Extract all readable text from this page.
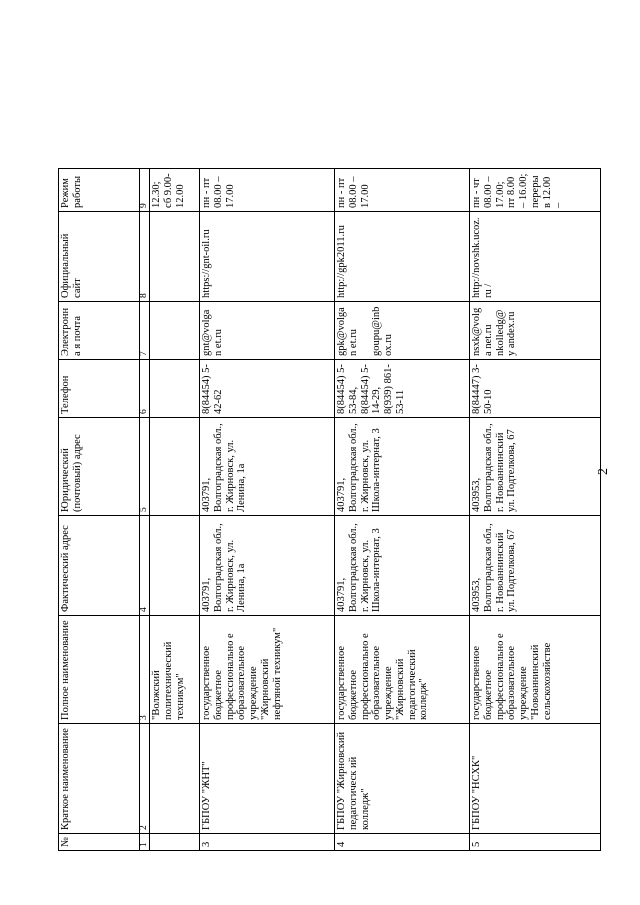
2
№	Краткое наименование	Полное наименование	Фактический адрес	Юридический (почтовый) адрес	Телефон	Электронна я почта	Официальный сайт	Режим работы
1	2	3	4	5	6	7	8	9
		"Волжский политехнический техникум"						12.30; сб 9.00-12.00
3	ГБПОУ "ЖНТ"	государственное бюджетное профессионально е образовательное учреждение "Жирновский нефтяной техникум"	403791, Волгоградская обл., г. Жирновск, ул. Ленина, 1а	403791, Волгоградская обл., г. Жирновск, ул. Ленина, 1а	8(84454) 5-42-62	gnt@volgan et.ru	https://gnt-oil.ru	пн - пт 08.00 – 17.00
4	ГБПОУ "Жирновский педагогическ ий колледж"	государственное бюджетное профессионально е образовательное учреждение "Жирновский педагогический колледж"	403791, Волгоградская обл., г. Жирновск, ул. Школа-интернат, 3	403791, Волгоградская обл., г. Жирновск, ул. Школа-интернат, 3	8(84454) 5-53-84, 8(84454) 5-14-29, 8(939) 861-53-11	gpk@volgan et.ru goupu@inb ox.ru	http://gpk2011.ru	пн - пт 08.00 – 17.00
5	ГБПОУ "НСХК"	государственное бюджетное профессионально е образовательное учреждение "Новоаннинский сельскохозяйстве	403953, Волгоградская обл., г. Новоаннинский ул. Подтелкова, 67	403953, Волгоградская обл., г. Новоаннинский ул. Подтелкова, 67	8(84447) 3-50-10	nsxk@volga net.ru nkolledg@y andex.ru	http://novshk.ucoz.ru /	пн - чт 08.00 – 17.00; пт 8.00 – 16.00; перерыв 12.00 –
